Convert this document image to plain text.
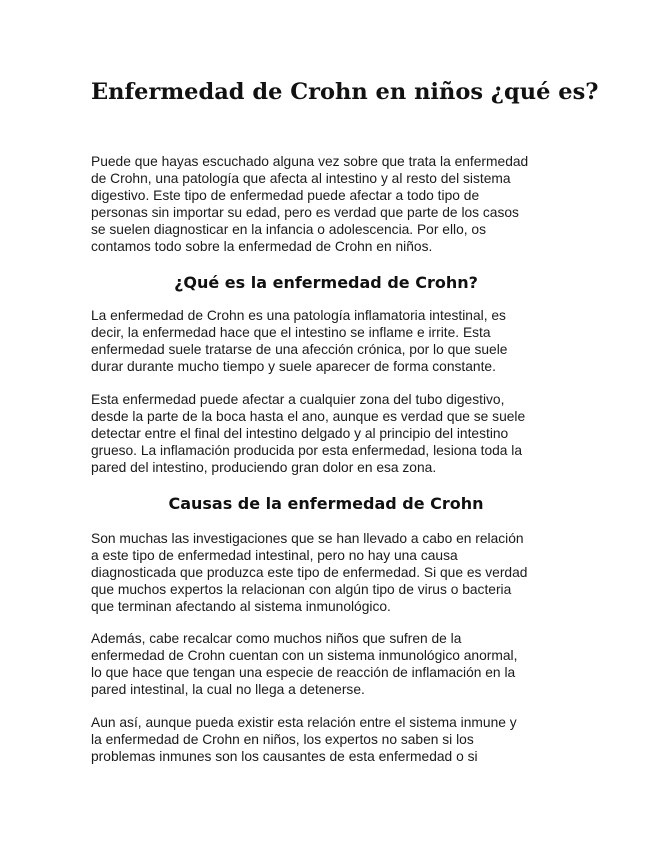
Enfermedad de Crohn en niños ¿qué es?

Puede que hayas escuchado alguna vez sobre que trata la enfermedad
de Crohn, una patología que afecta al intestino y al resto del sistema
digestivo. Este tipo de enfermedad puede afectar a todo tipo de
personas sin importar su edad, pero es verdad que parte de los casos
se suelen diagnosticar en la infancia o adolescencia. Por ello, os
contamos todo sobre la enfermedad de Crohn en niños.

¿Qué es la enfermedad de Crohn?

La enfermedad de Crohn es una patología inflamatoria intestinal, es
decir, la enfermedad hace que el intestino se inflame e irrite. Esta
enfermedad suele tratarse de una afección crónica, por lo que suele
durar durante mucho tiempo y suele aparecer de forma constante.

Esta enfermedad puede afectar a cualquier zona del tubo digestivo,
desde la parte de la boca hasta el ano, aunque es verdad que se suele
detectar entre el final del intestino delgado y al principio del intestino
grueso. La inflamación producida por esta enfermedad, lesiona toda la
pared del intestino, produciendo gran dolor en esa zona.

Causas de la enfermedad de Crohn

Son muchas las investigaciones que se han llevado a cabo en relación
a este tipo de enfermedad intestinal, pero no hay una causa
diagnosticada que produzca este tipo de enfermedad. Si que es verdad
que muchos expertos la relacionan con algún tipo de virus o bacteria
que terminan afectando al sistema inmunológico.

Además, cabe recalcar como muchos niños que sufren de la
enfermedad de Crohn cuentan con un sistema inmunológico anormal,
lo que hace que tengan una especie de reacción de inflamación en la
pared intestinal, la cual no llega a detenerse.

Aun así, aunque pueda existir esta relación entre el sistema inmune y
la enfermedad de Crohn en niños, los expertos no saben si los
problemas inmunes son los causantes de esta enfermedad o si
